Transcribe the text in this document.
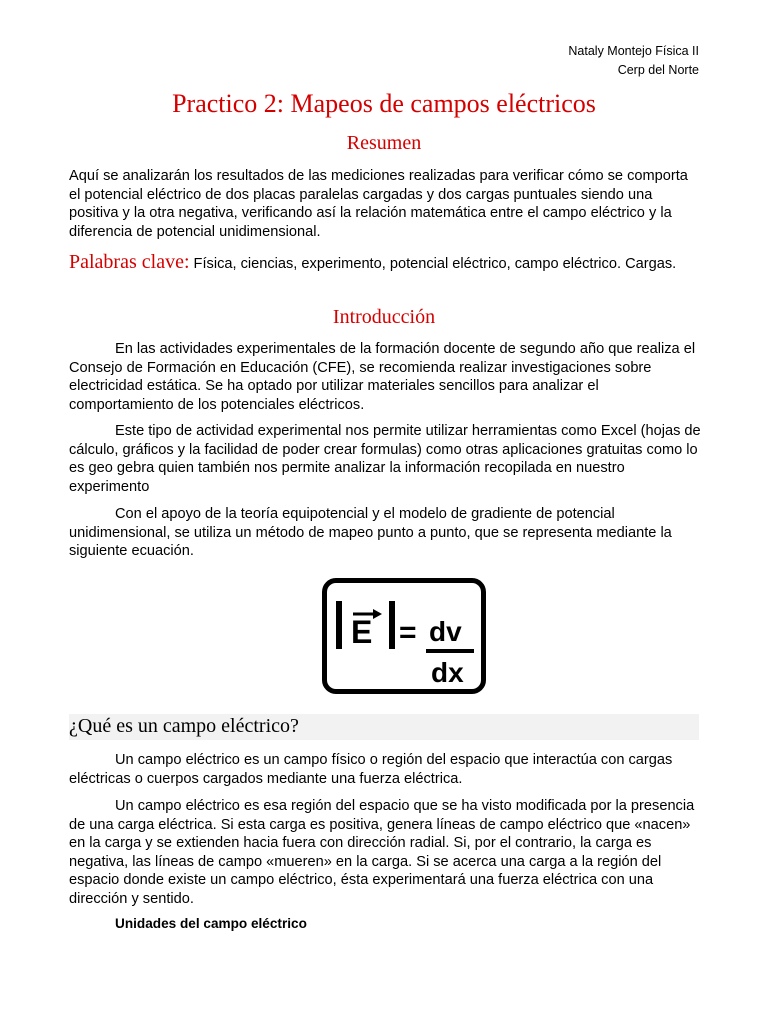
Nataly Montejo Física II
Cerp del Norte
Practico 2: Mapeos de campos eléctricos
Resumen

Aquí se analizarán los resultados de las mediciones realizadas para verificar cómo se comporta el potencial eléctrico de dos placas paralelas cargadas y dos cargas puntuales siendo una positiva y la otra negativa, verificando así la relación matemática entre el campo eléctrico y la diferencia de potencial unidimensional.

Palabras clave: Física, ciencias, experimento, potencial eléctrico, campo eléctrico. Cargas.

Introducción

En las actividades experimentales de la formación docente de segundo año que realiza el Consejo de Formación en Educación (CFE), se recomienda realizar investigaciones sobre electricidad estática. Se ha optado por utilizar materiales sencillos para analizar el comportamiento de los potenciales eléctricos.

Este tipo de actividad experimental nos permite utilizar herramientas como Excel (hojas de cálculo, gráficos y la facilidad de poder crear formulas) como otras aplicaciones gratuitas como lo es geo gebra quien también nos permite analizar la información recopilada en nuestro experimento

Con el apoyo de la teoría equipotencial y el modelo de gradiente de potencial unidimensional, se utiliza un método de mapeo punto a punto, que se representa mediante la siguiente ecuación.

E = dv
dx
¿Qué es un campo eléctrico?

Un campo eléctrico es un campo físico o región del espacio que interactúa con cargas eléctricas o cuerpos cargados mediante una fuerza eléctrica.

Un campo eléctrico es esa región del espacio que se ha visto modificada por la presencia de una carga eléctrica. Si esta carga es positiva, genera líneas de campo eléctrico que «nacen» en la carga y se extienden hacia fuera con dirección radial. Si, por el contrario, la carga es negativa, las líneas de campo «mueren» en la carga. Si se acerca una carga a la región del espacio donde existe un campo eléctrico, ésta experimentará una fuerza eléctrica con una dirección y sentido.

Unidades del campo eléctrico
